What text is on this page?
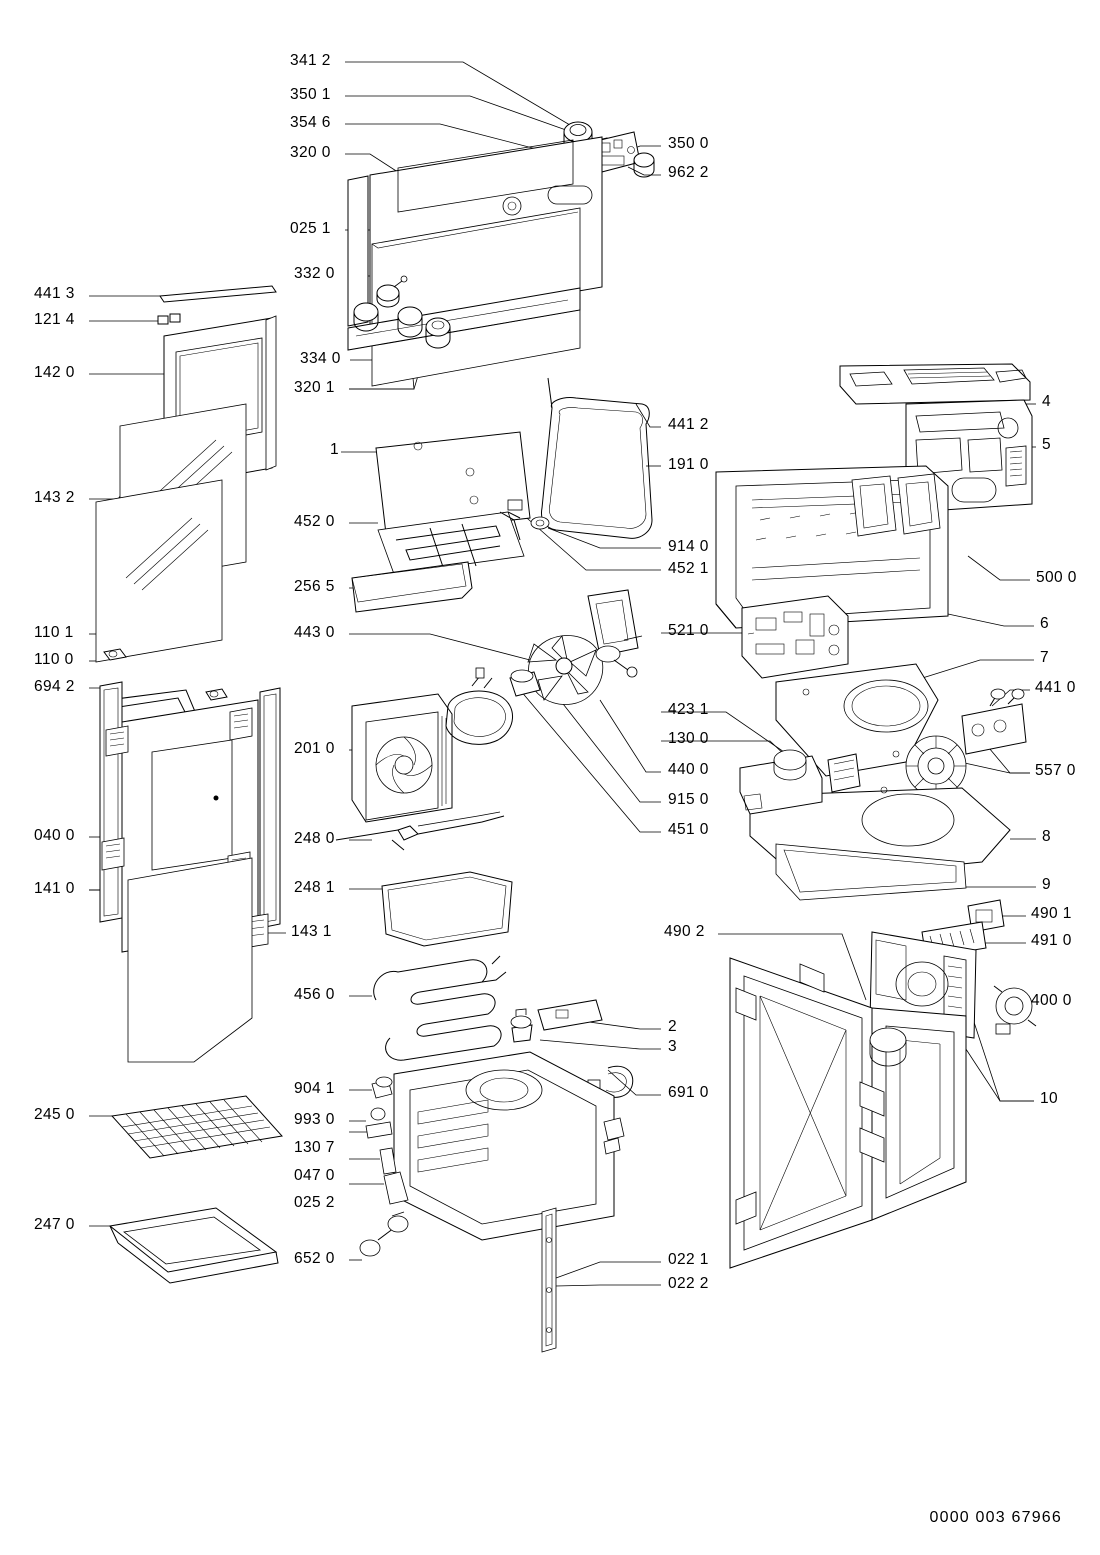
341 2
350 1
354 6
320 0
350 0
962 2
025 1
332 0
334 0
320 1
441 3
121 4
142 0
143 2
110 1
110 0
694 2
040 0
141 0
143 1
245 0
247 0
1
452 0
256 5
443 0
201 0
248 0
248 1
456 0
904 1
993 0
130 7
047 0
025 2
652 0
441 2
191 0
914 0
452 1
521 0
423 1
130 0
440 0
915 0
451 0
2
3
691 0
490 2
022 1
022 2
4
5
500 0
6
7
441 0
557 0
8
9
490 1
491 0
400 0
10
0000 003 67966
